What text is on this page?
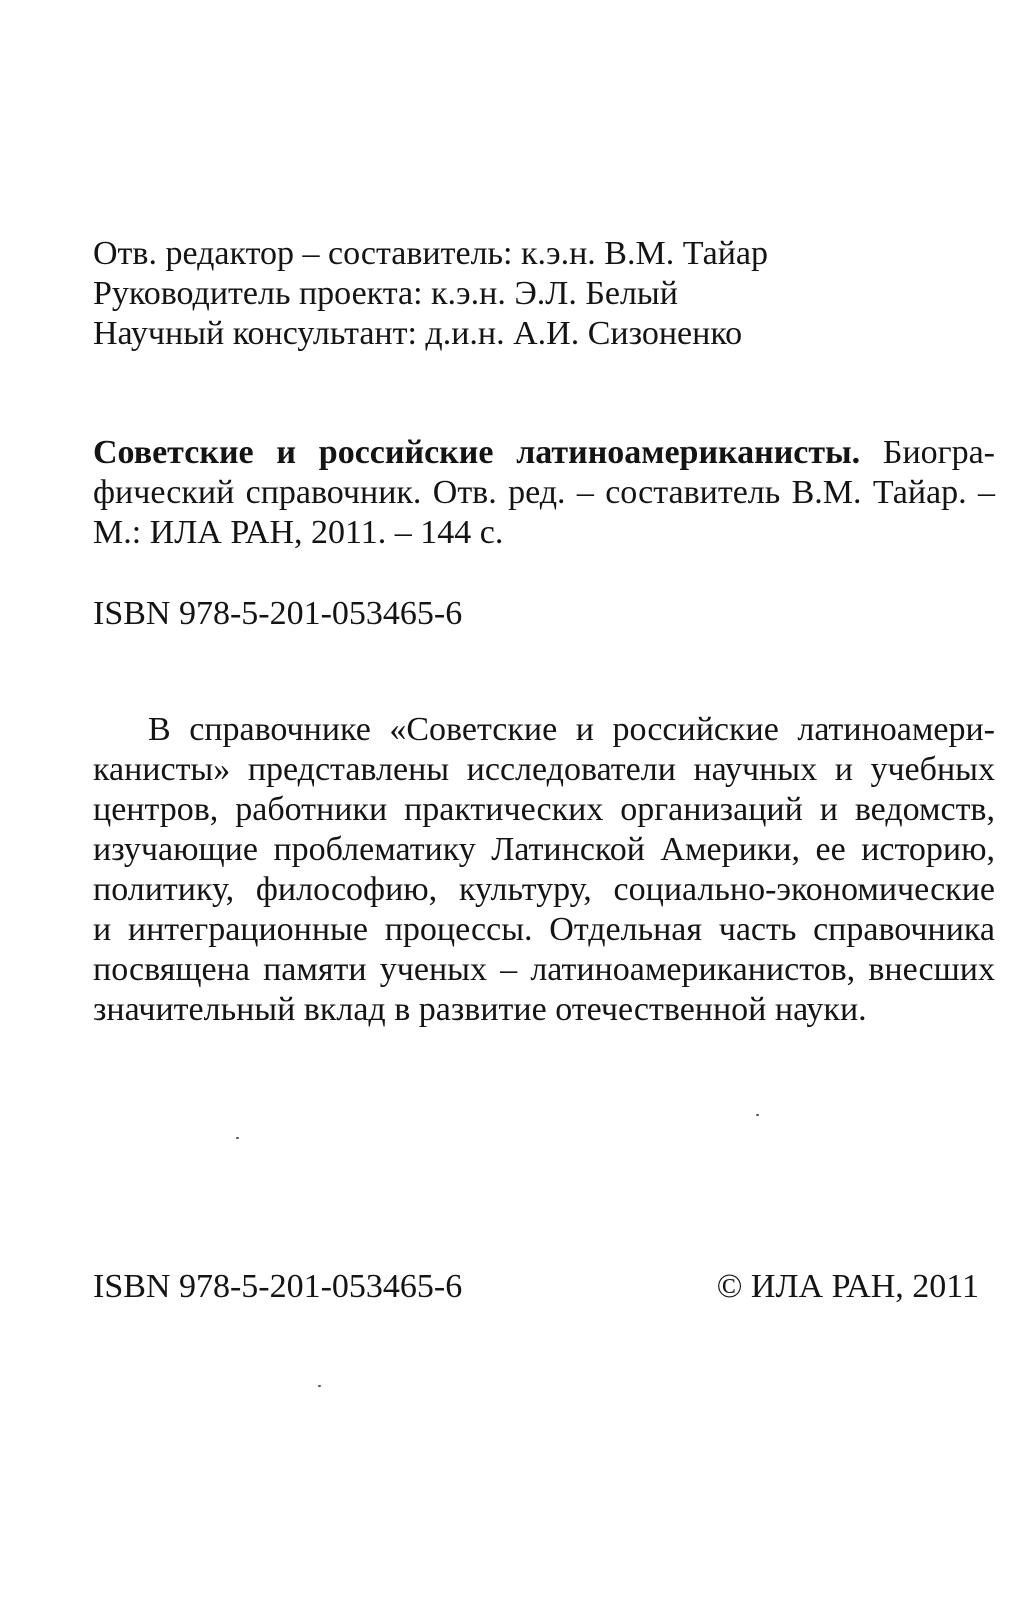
Отв. редактор – составитель: к.э.н. В.М. Тайар
Руководитель проекта: к.э.н. Э.Л. Белый
Научный консультант: д.и.н. А.И. Сизоненко
Советские и российские латиноамериканисты. Биогра-
фический справочник. Отв. ред. – составитель В.М. Тайар. –
М.: ИЛА РАН, 2011. – 144 с.
ISBN 978-5-201-053465-6
В справочнике «Советские и российские латиноамери-
канисты» представлены исследователи научных и учебных
центров, работники практических организаций и ведомств,
изучающие проблематику Латинской Америки, ее историю,
политику, философию, культуру, социально-экономические
и интеграционные процессы. Отдельная часть справочника
посвящена памяти ученых – латиноамериканистов, внесших
значительный вклад в развитие отечественной науки.
ISBN 978-5-201-053465-6	© ИЛА РАН, 2011
